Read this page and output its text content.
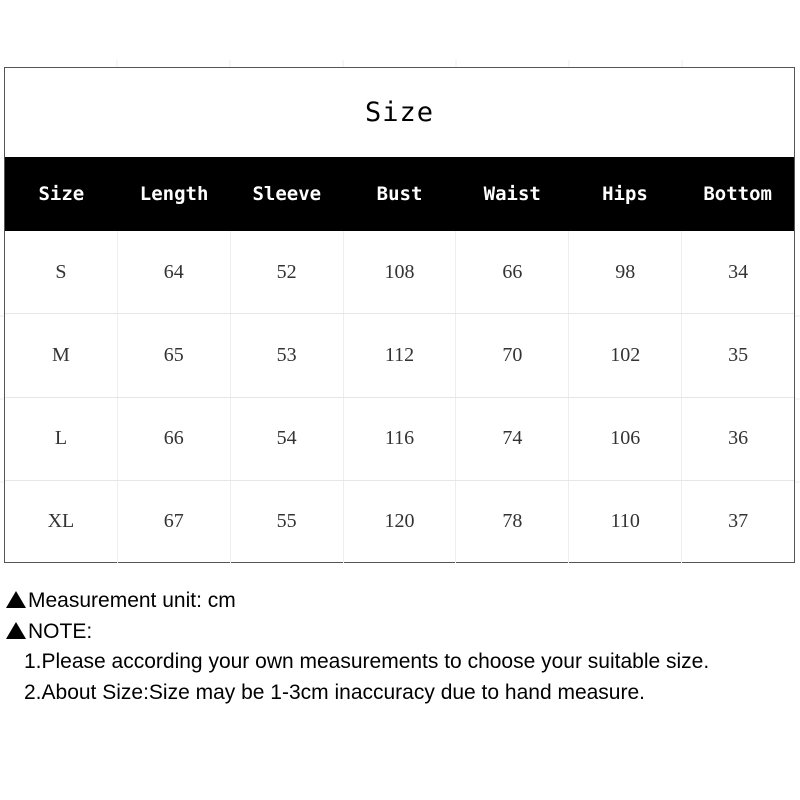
Size
Size	Length	Sleeve	Bust	Waist	Hips	Bottom
S	64	52	108	66	98	34
M	65	53	112	70	102	35
L	66	54	116	74	106	36
XL	67	55	120	78	110	37
Measurement unit: cm
NOTE:
1.Please according your own measurements to choose your suitable size.
2.About Size:Size may be 1-3cm inaccuracy due to hand measure.
